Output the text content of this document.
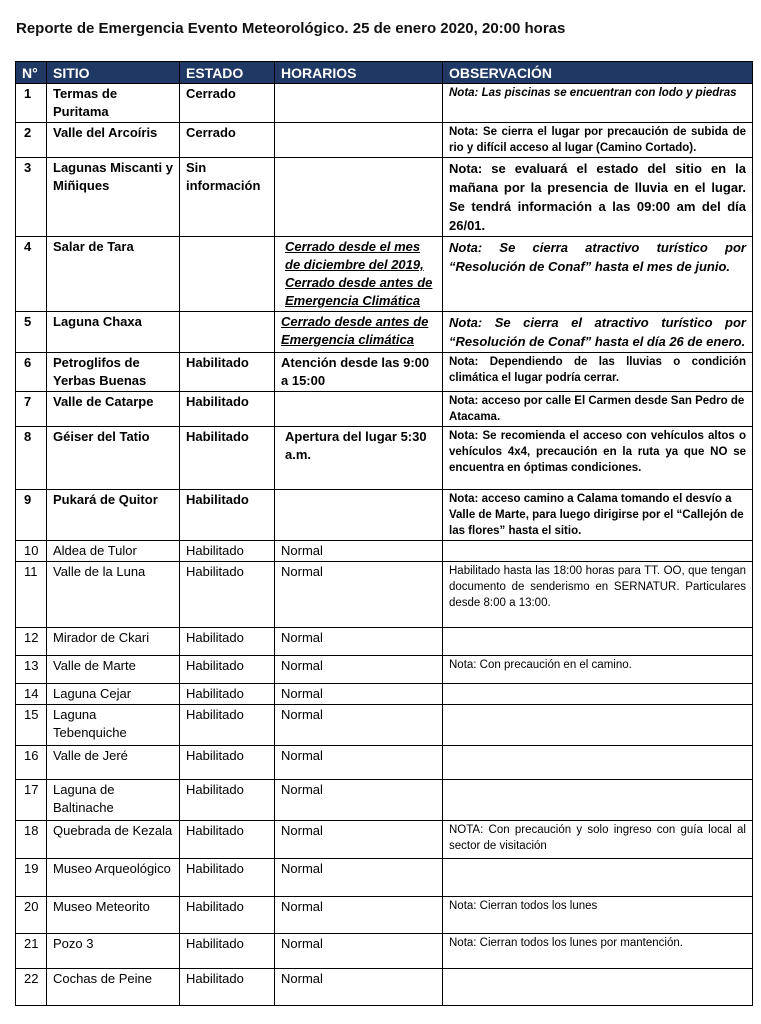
Reporte de Emergencia Evento Meteorológico. 25 de enero 2020, 20:00 horas
N°	SITIO	ESTADO	HORARIOS	OBSERVACIÓN
1	Termas de Puritama	Cerrado		Nota: Las piscinas se encuentran con lodo y piedras
2	Valle del Arcoíris	Cerrado		Nota: Se cierra el lugar por precaución de subida de rio y difícil acceso al lugar (Camino Cortado).
3	Lagunas Miscanti y Miñiques	Sin información		Nota: se evaluará el estado del sitio en la mañana por la presencia de lluvia en el lugar. Se tendrá información a las 09:00 am del día 26/01.
4	Salar de Tara		Cerrado desde el mes de diciembre del 2019, Cerrado desde antes de Emergencia Climática	Nota: Se cierra atractivo turístico por “Resolución de Conaf” hasta el mes de junio.
5	Laguna Chaxa		Cerrado desde antes de Emergencia climática	Nota: Se cierra el atractivo turístico por “Resolución de Conaf” hasta el día 26 de enero.
6	Petroglifos de Yerbas Buenas	Habilitado	Atención desde las 9:00 a 15:00	Nota: Dependiendo de las lluvias o condición climática el lugar podría cerrar.
7	Valle de Catarpe	Habilitado		Nota: acceso por calle El Carmen desde San Pedro de Atacama.
8	Géiser del Tatio	Habilitado	Apertura del lugar 5:30 a.m.	Nota: Se recomienda el acceso con vehículos altos o vehículos 4x4, precaución en la ruta ya que NO se encuentra en óptimas condiciones.
9	Pukará de Quitor	Habilitado		Nota: acceso camino a Calama tomando el desvío a Valle de Marte, para luego dirigirse por el “Callejón de las flores” hasta el sitio.
10	Aldea de Tulor	Habilitado	Normal	
11	Valle de la Luna	Habilitado	Normal	Habilitado hasta las 18:00 horas para TT. OO, que tengan documento de senderismo en SERNATUR. Particulares desde 8:00 a 13:00.
12	Mirador de Ckari	Habilitado	Normal	
13	Valle de Marte	Habilitado	Normal	Nota: Con precaución en el camino.
14	Laguna Cejar	Habilitado	Normal	
15	Laguna Tebenquiche	Habilitado	Normal	
16	Valle de Jeré	Habilitado	Normal	
17	Laguna de Baltinache	Habilitado	Normal	
18	Quebrada de Kezala	Habilitado	Normal	NOTA: Con precaución y solo ingreso con guía local al sector de visitación
19	Museo Arqueológico	Habilitado	Normal	
20	Museo Meteorito	Habilitado	Normal	Nota: Cierran todos los lunes
21	Pozo 3	Habilitado	Normal	Nota: Cierran todos los lunes por mantención.
22	Cochas de Peine	Habilitado	Normal	
